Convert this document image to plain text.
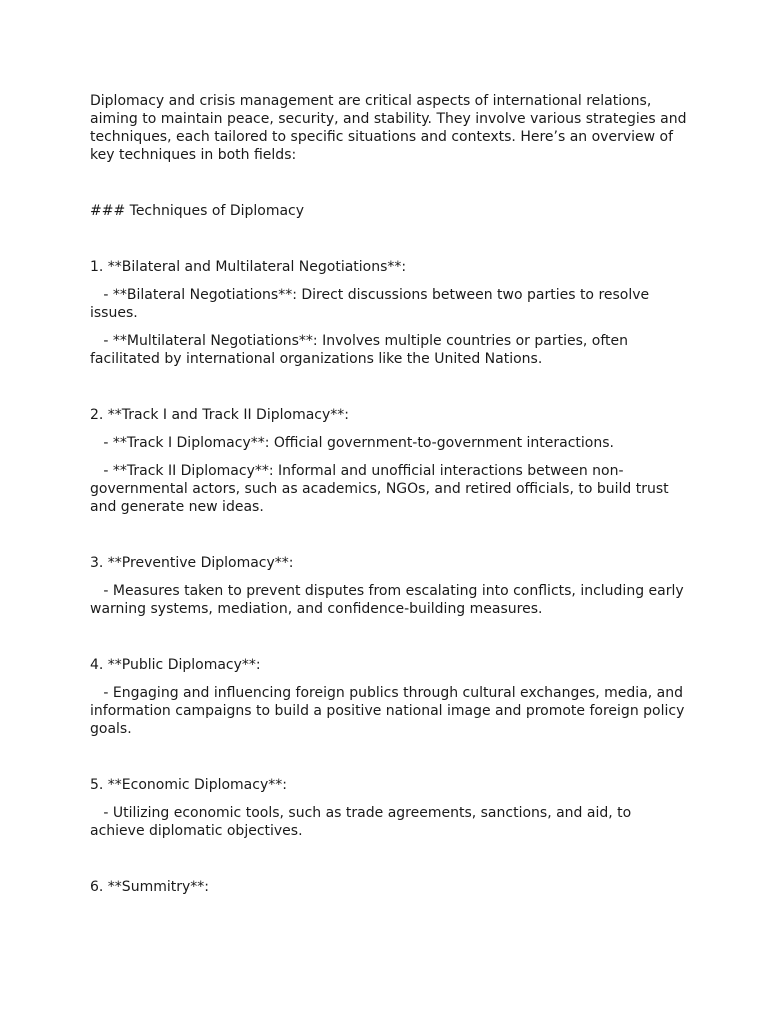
Diplomacy and crisis management are critical aspects of international relations, aiming to maintain peace, security, and stability. They involve various strategies and techniques, each tailored to specific situations and contexts. Here’s an overview of key techniques in both fields:

### Techniques of Diplomacy

1. **Bilateral and Multilateral Negotiations**:

- **Bilateral Negotiations**: Direct discussions between two parties to resolve issues.

- **Multilateral Negotiations**: Involves multiple countries or parties, often facilitated by international organizations like the United Nations.

2. **Track I and Track II Diplomacy**:

- **Track I Diplomacy**: Official government-to-government interactions.

- **Track II Diplomacy**: Informal and unofficial interactions between non-governmental actors, such as academics, NGOs, and retired officials, to build trust and generate new ideas.

3. **Preventive Diplomacy**:

- Measures taken to prevent disputes from escalating into conflicts, including early warning systems, mediation, and confidence-building measures.

4. **Public Diplomacy**:

- Engaging and influencing foreign publics through cultural exchanges, media, and information campaigns to build a positive national image and promote foreign policy goals.

5. **Economic Diplomacy**:

- Utilizing economic tools, such as trade agreements, sanctions, and aid, to achieve diplomatic objectives.

6. **Summitry**:
